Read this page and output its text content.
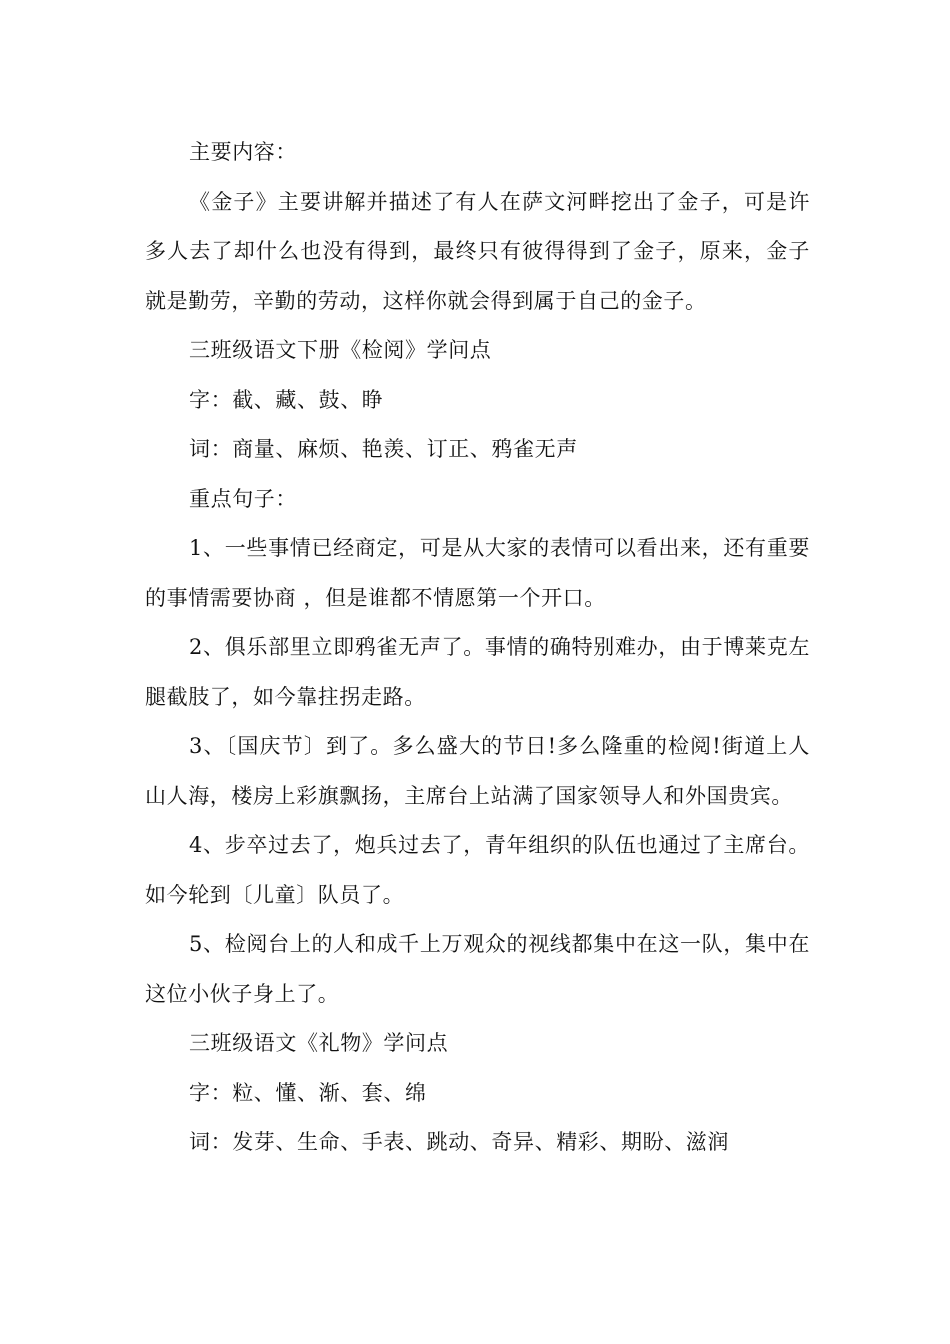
主要内容：

《金子》主要讲解并描述了有人在萨文河畔挖出了金子，可是许多人去了却什么也没有得到，最终只有彼得得到了金子，原来，金子就是勤劳，辛勤的劳动，这样你就会得到属于自己的金子。

三班级语文下册《检阅》学问点

字：截、藏、鼓、睁

词：商量、麻烦、艳羡、订正、鸦雀无声

重点句子：

1、一些事情已经商定，可是从大家的表情可以看出来，还有重要的事情需要协商 ，但是谁都不情愿第一个开口。

2、俱乐部里立即鸦雀无声了。事情的确特别难办，由于博莱克左腿截肢了，如今靠拄拐走路。

3、〔国庆节〕到了。多么盛大的节日!多么隆重的检阅!街道上人山人海，楼房上彩旗飘扬，主席台上站满了国家领导人和外国贵宾。

4、步卒过去了，炮兵过去了，青年组织的队伍也通过了主席台。如今轮到〔儿童〕队员了。

5、检阅台上的人和成千上万观众的视线都集中在这一队，集中在这位小伙子身上了。

三班级语文《礼物》学问点

字：粒、懂、渐、套、绵

词：发芽、生命、手表、跳动、奇异、精彩、期盼、滋润
